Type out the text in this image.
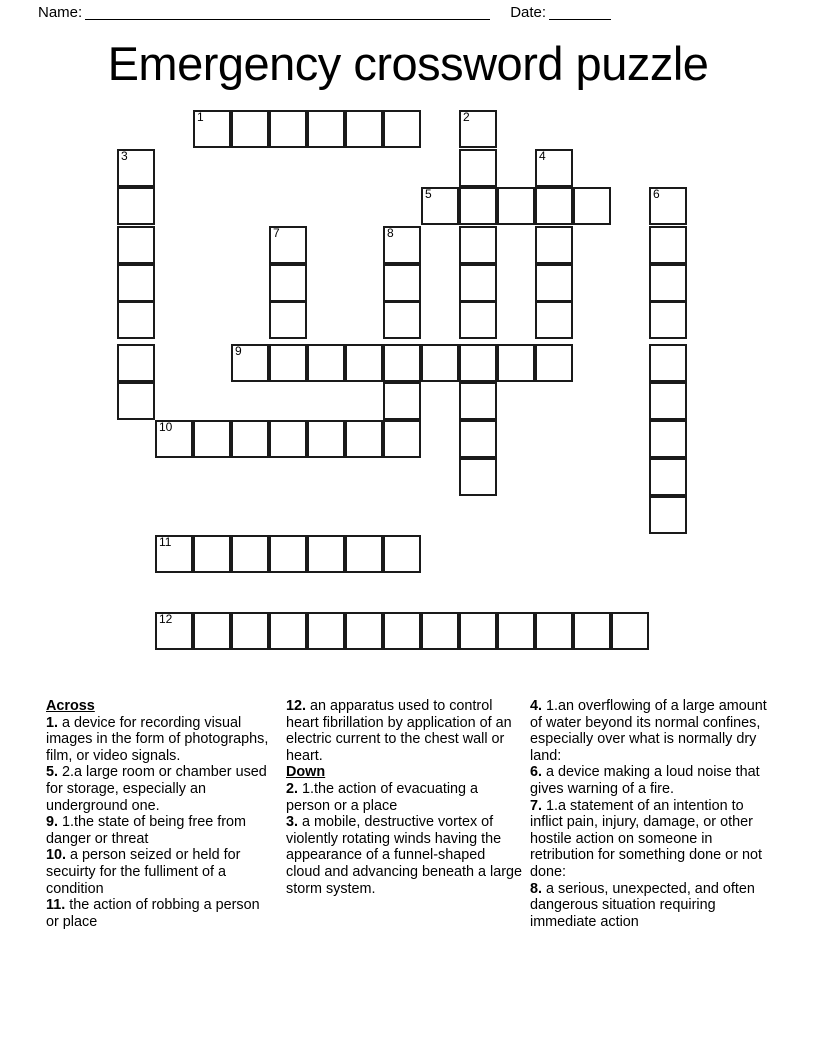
Name:	Date:
Emergency crossword puzzle
1	2
3	4
5	6
7	8
9
10
11
12
Across
1. a device for recording visual images in the form of photographs, film, or video signals.
5. 2.a large room or chamber used for storage, especially an underground one.
9. 1.the state of being free from danger or threat
10. a person seized or held for secuirty for the fulliment of a condition
11. the action of robbing a person or place
12. an apparatus used to control heart fibrillation by application of an electric current to the chest wall or heart.
Down
2. 1.the action of evacuating a person or a place
3. a mobile, destructive vortex of violently rotating winds having the appearance of a funnel-shaped cloud and advancing beneath a large storm system.
4. 1.an overflowing of a large amount of water beyond its normal confines, especially over what is normally dry land:
6. a device making a loud noise that gives warning of a fire.
7. 1.a statement of an intention to inflict pain, injury, damage, or other hostile action on someone in retribution for something done or not done:
8. a serious, unexpected, and often dangerous situation requiring immediate action
